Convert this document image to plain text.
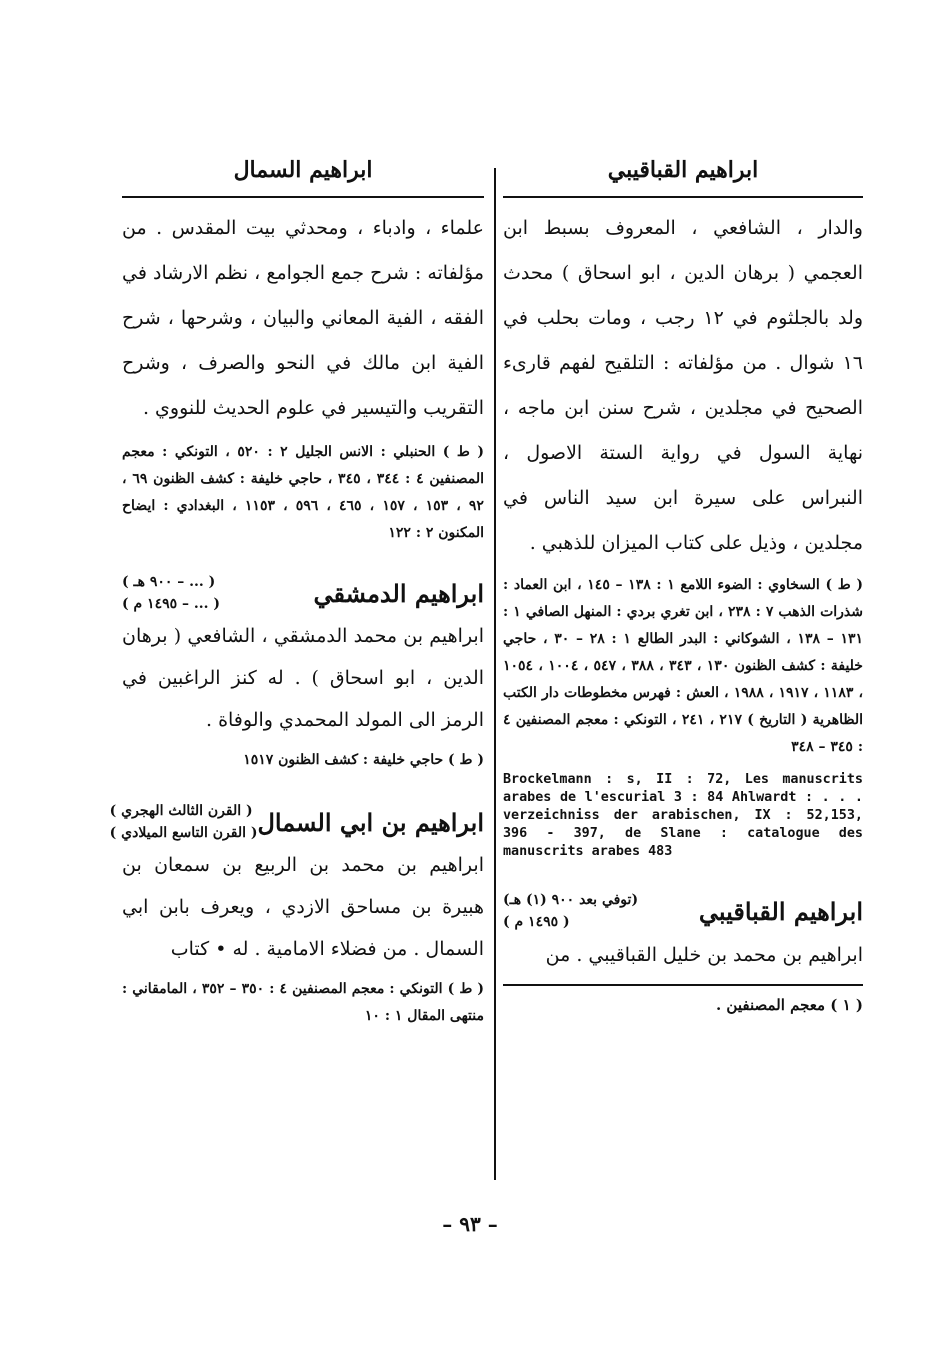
ابراهيم القباقيبي

والدار ، الشافعي ، المعروف بسبط ابن العجمي ( برهان الدين ، ابو اسحاق ) محدث ولد بالجلثوم في ١٢ رجب ، ومات بحلب في ١٦ شوال . من مؤلفاته : التلقيح لفهم قارىء الصحيح في مجلدين ، شرح سنن ابن ماجه ، نهاية السول في رواية الستة الاصول ، النبراس على سيرة ابن سيد الناس في مجلدين ، وذيل على كتاب الميزان للذهبي .

( ط ) السخاوي : الضوء اللامع ١ : ١٣٨ – ١٤٥ ، ابن العماد : شذرات الذهب ٧ : ٢٣٨ ، ابن تغري بردي : المنهل الصافي ١ : ١٣١ – ١٣٨ ، الشوكاني : البدر الطالع ١ : ٢٨ – ٣٠ ، حاجي خليفة : كشف الظنون ١٣٠ ، ٣٤٣ ، ٣٨٨ ، ٥٤٧ ، ١٠٠٤ ، ١٠٥٤ ، ١١٨٣ ، ١٩١٧ ، ١٩٨٨ ، العش : فهرس مخطوطات دار الكتب الظاهرية ( التاريخ ) ٢١٧ ، ٢٤١ ، التونكي : معجم المصنفين ٤ : ٣٤٥ – ٣٤٨

Brockelmann : s, II : 72, Les manuscrits arabes de l'escurial 3 : 84 Ahlwardt : . . . verzeichniss der arabischen, IX : 52,153, 396 - 397, de Slane : catalogue des manuscrits arabes 483

ابراهيم القباقيبي
(توفي بعد ٩٠٠ (١) هـ)
( ١٤٩٥ م )

ابراهيم بن محمد بن خليل القباقيبي . من

( ١ ) معجم المصنفين .

ابراهيم السمال

علماء ، وادباء ، ومحدثي بيت المقدس . من مؤلفاته : شرح جمع الجوامع ، نظم الارشاد في الفقه ، الفية المعاني والبيان ، وشرحها ، شرح الفية ابن مالك في النحو والصرف ، وشرح التقريب والتيسير في علوم الحديث للنووي .

( ط ) الحنبلي : الانس الجليل ٢ : ٥٢٠ ، التونكي : معجم المصنفين ٤ : ٣٤٤ ، ٣٤٥ ، حاجي خليفة : كشف الظنون ٦٩ ، ٩٢ ، ١٥٣ ، ١٥٧ ، ٤٦٥ ، ٥٩٦ ، ١١٥٣ ، البغدادي : ايضاح المكنون ٢ : ١٢٢

ابراهيم الدمشقي
( ... – ٩٠٠ هـ )
( ... – ١٤٩٥ م )

ابراهيم بن محمد الدمشقي ، الشافعي ( برهان الدين ، ابو اسحاق ) . له كنز الراغبين في الرمز الى المولد المحمدي والوفاة .

( ط ) حاجي خليفة : كشف الظنون ١٥١٧

ابراهيم بن ابي السمال
( القرن الثالث الهجري )
( القرن التاسع الميلادي )

ابراهيم بن محمد بن الربيع بن سمعان بن هبيرة بن مساحق الازدي ، ويعرف بابن ابي السمال . من فضلاء الامامية . له • كتاب

( ط ) التونكي : معجم المصنفين ٤ : ٣٥٠ – ٣٥٢ ، المامقاني : منتهى المقال ١ : ١٠

– ٩٣ –
